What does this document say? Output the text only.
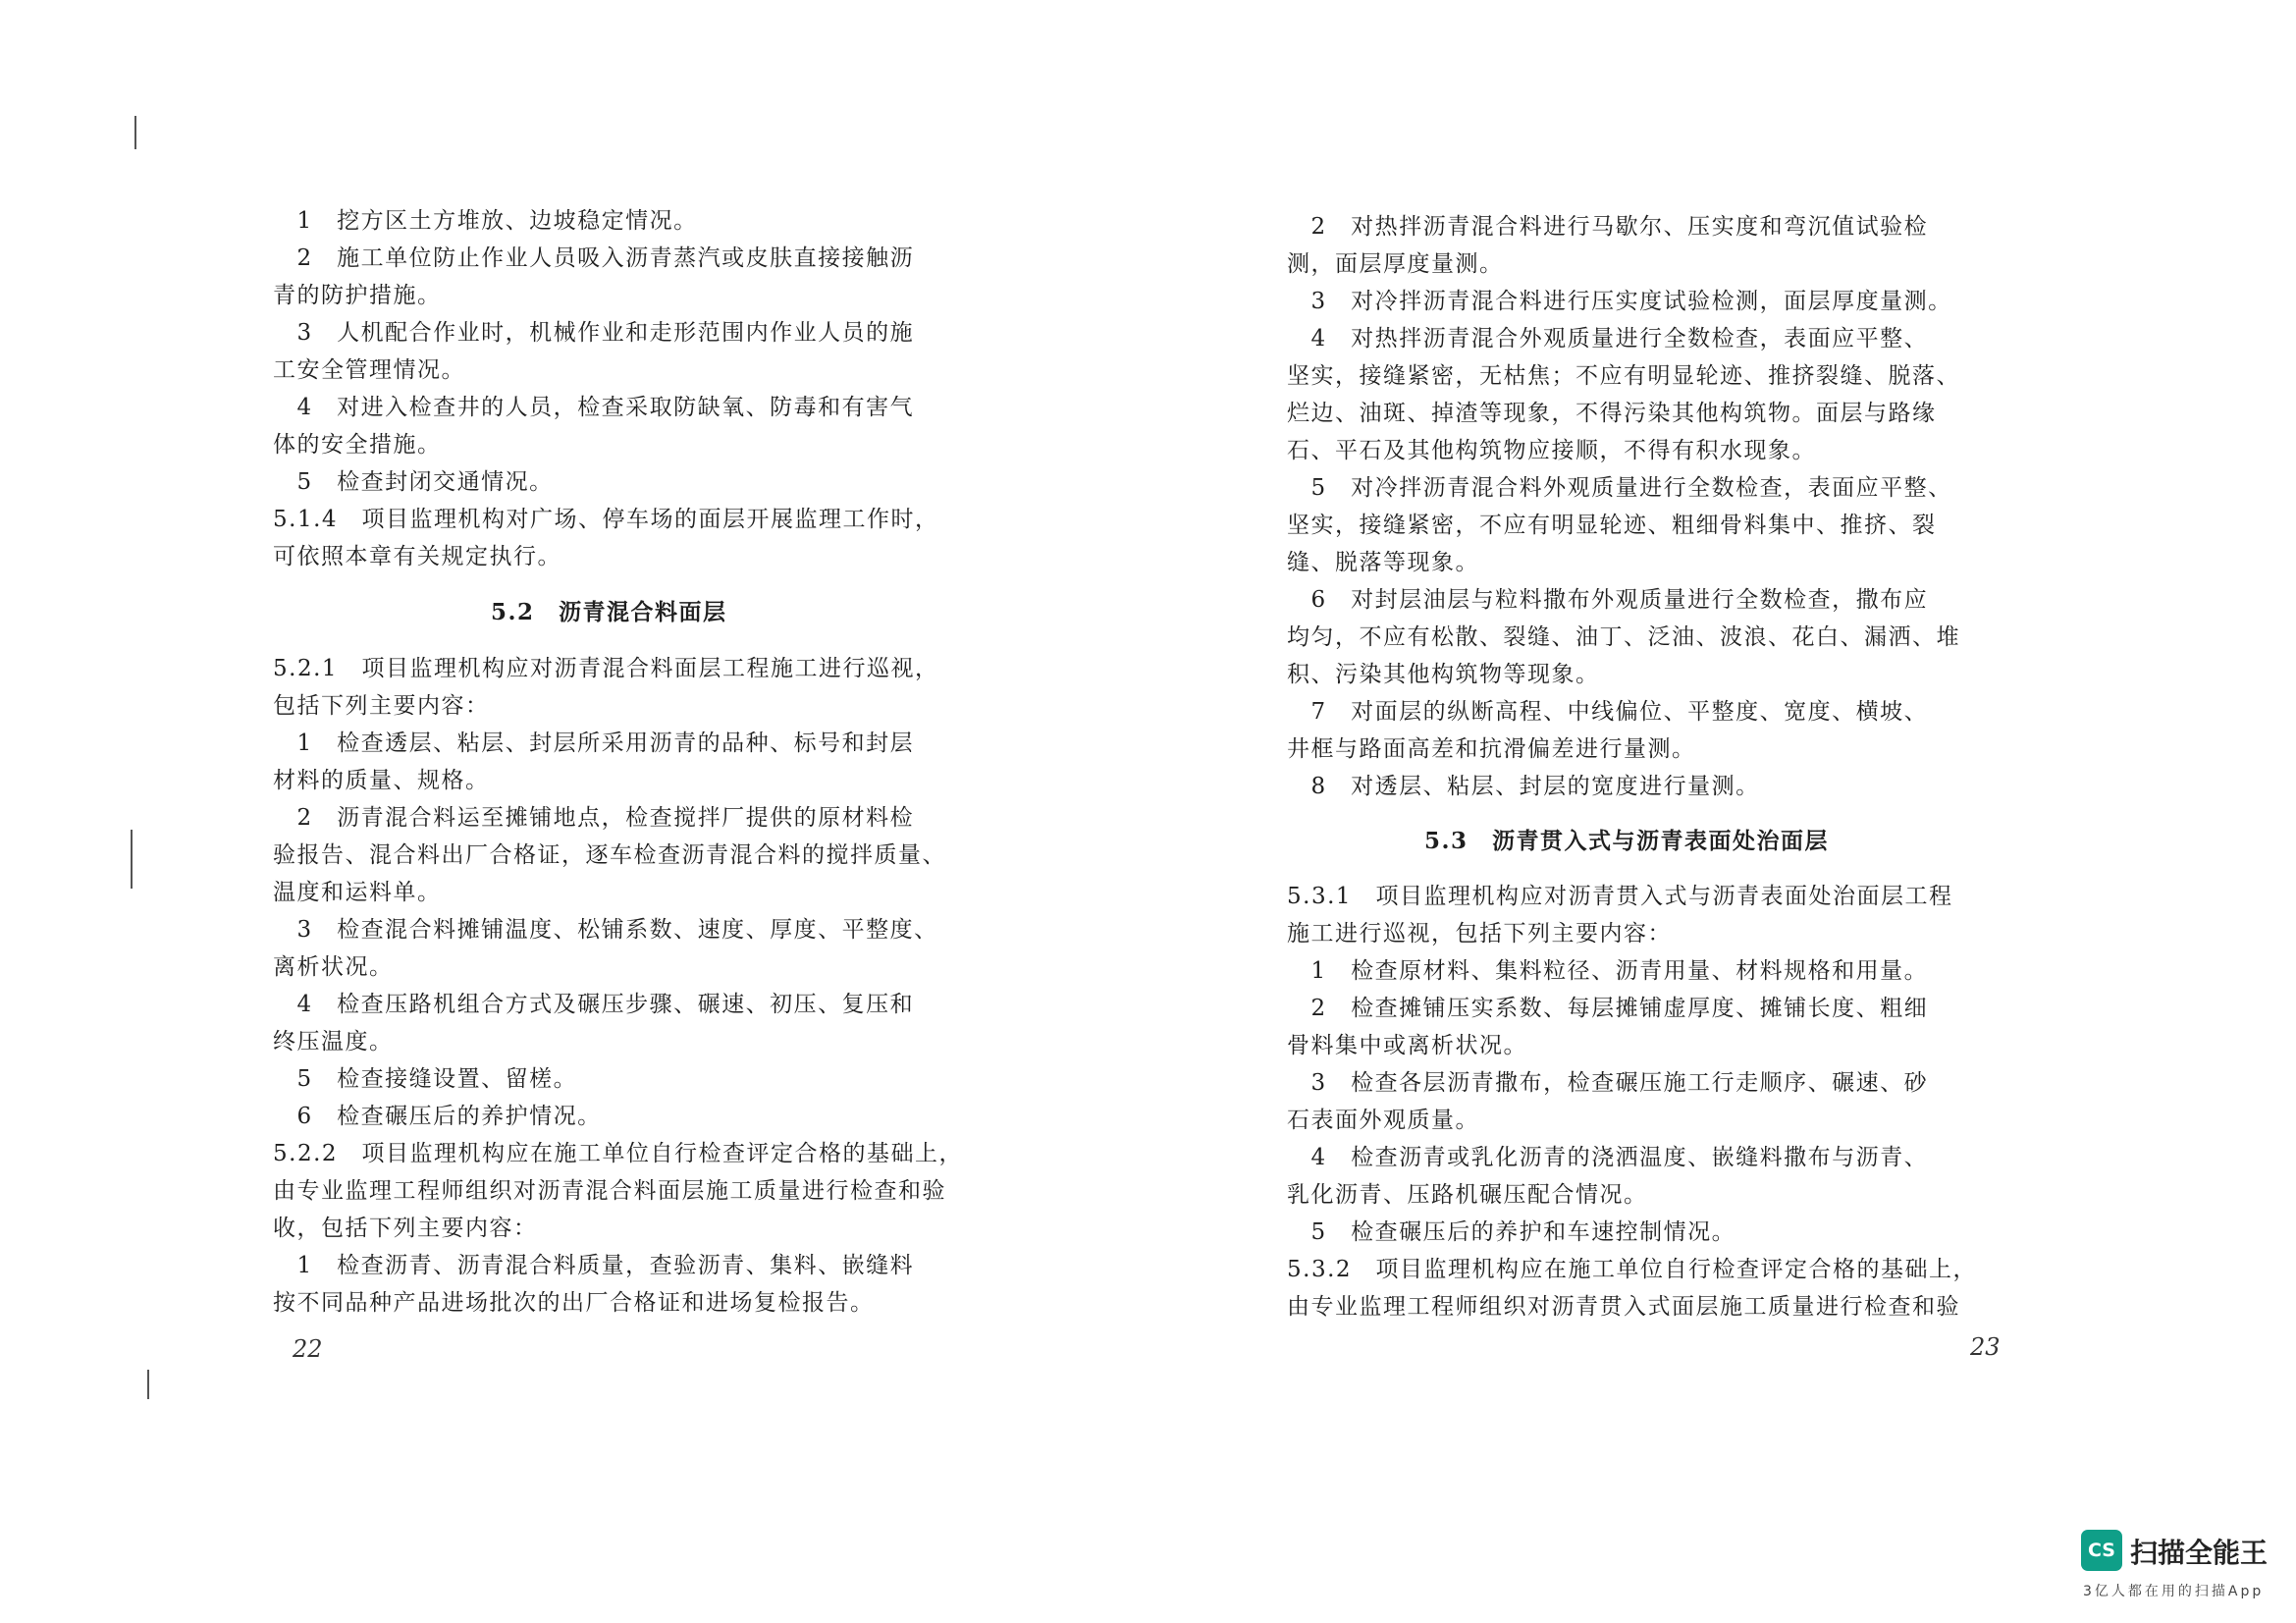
　1　挖方区土方堆放、边坡稳定情况。

　2　施工单位防止作业人员吸入沥青蒸汽或皮肤直接接触沥

青的防护措施。

　3　人机配合作业时，机械作业和走形范围内作业人员的施

工安全管理情况。

　4　对进入检查井的人员，检查采取防缺氧、防毒和有害气

体的安全措施。

　5　检查封闭交通情况。

5.1.4　项目监理机构对广场、停车场的面层开展监理工作时，

可依照本章有关规定执行。

5.2　沥青混合料面层

5.2.1　项目监理机构应对沥青混合料面层工程施工进行巡视，

包括下列主要内容：

　1　检查透层、粘层、封层所采用沥青的品种、标号和封层

材料的质量、规格。

　2　沥青混合料运至摊铺地点，检查搅拌厂提供的原材料检

验报告、混合料出厂合格证，逐车检查沥青混合料的搅拌质量、

温度和运料单。

　3　检查混合料摊铺温度、松铺系数、速度、厚度、平整度、

离析状况。

　4　检查压路机组合方式及碾压步骤、碾速、初压、复压和

终压温度。

　5　检查接缝设置、留槎。

　6　检查碾压后的养护情况。

5.2.2　项目监理机构应在施工单位自行检查评定合格的基础上，

由专业监理工程师组织对沥青混合料面层施工质量进行检查和验

收，包括下列主要内容：

　1　检查沥青、沥青混合料质量，查验沥青、集料、嵌缝料

按不同品种产品进场批次的出厂合格证和进场复检报告。

22

　2　对热拌沥青混合料进行马歇尔、压实度和弯沉值试验检

测，面层厚度量测。

　3　对冷拌沥青混合料进行压实度试验检测，面层厚度量测。

　4　对热拌沥青混合外观质量进行全数检查，表面应平整、

坚实，接缝紧密，无枯焦；不应有明显轮迹、推挤裂缝、脱落、

烂边、油斑、掉渣等现象，不得污染其他构筑物。面层与路缘

石、平石及其他构筑物应接顺，不得有积水现象。

　5　对冷拌沥青混合料外观质量进行全数检查，表面应平整、

坚实，接缝紧密，不应有明显轮迹、粗细骨料集中、推挤、裂

缝、脱落等现象。

　6　对封层油层与粒料撒布外观质量进行全数检查，撒布应

均匀，不应有松散、裂缝、油丁、泛油、波浪、花白、漏洒、堆

积、污染其他构筑物等现象。

　7　对面层的纵断高程、中线偏位、平整度、宽度、横坡、

井框与路面高差和抗滑偏差进行量测。

　8　对透层、粘层、封层的宽度进行量测。

5.3　沥青贯入式与沥青表面处治面层

5.3.1　项目监理机构应对沥青贯入式与沥青表面处治面层工程

施工进行巡视，包括下列主要内容：

　1　检查原材料、集料粒径、沥青用量、材料规格和用量。

　2　检查摊铺压实系数、每层摊铺虚厚度、摊铺长度、粗细

骨料集中或离析状况。

　3　检查各层沥青撒布，检查碾压施工行走顺序、碾速、砂

石表面外观质量。

　4　检查沥青或乳化沥青的浇洒温度、嵌缝料撒布与沥青、

乳化沥青、压路机碾压配合情况。

　5　检查碾压后的养护和车速控制情况。

5.3.2　项目监理机构应在施工单位自行检查评定合格的基础上，

由专业监理工程师组织对沥青贯入式面层施工质量进行检查和验

23
CS 扫描全能王
3亿人都在用的扫描App
